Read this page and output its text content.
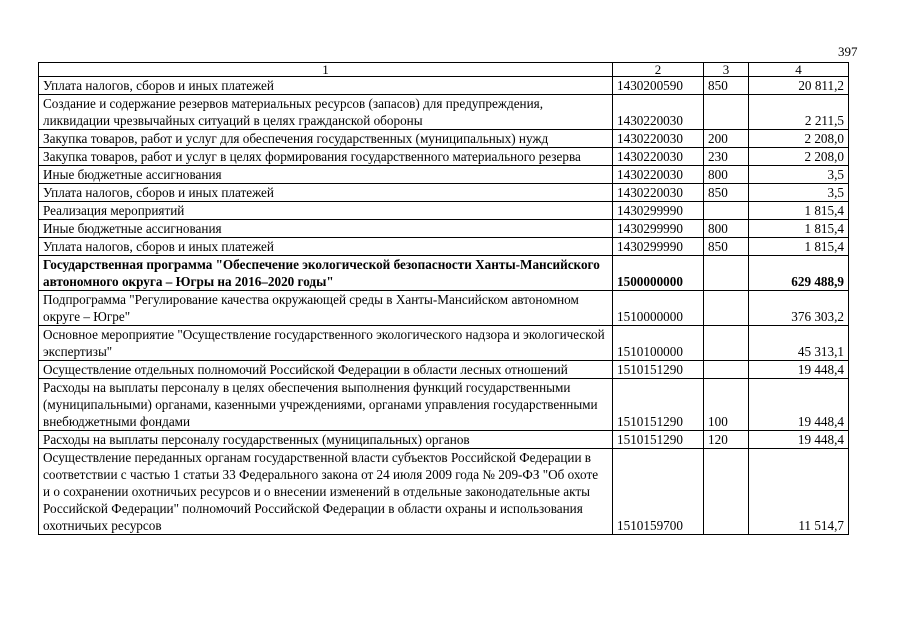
397
1	2	3	4
Уплата налогов, сборов и иных платежей	1430200590	850	20 811,2
Создание и содержание резервов материальных ресурсов (запасов) для предупреждения, ликвидации чрезвычайных ситуаций в целях гражданской обороны	1430220030		2 211,5
Закупка товаров, работ и услуг для обеспечения государственных (муниципальных) нужд	1430220030	200	2 208,0
Закупка товаров, работ и услуг в целях формирования государственного материального резерва	1430220030	230	2 208,0
Иные бюджетные ассигнования	1430220030	800	3,5
Уплата налогов, сборов и иных платежей	1430220030	850	3,5
Реализация мероприятий	1430299990		1 815,4
Иные бюджетные ассигнования	1430299990	800	1 815,4
Уплата налогов, сборов и иных платежей	1430299990	850	1 815,4
Государственная программа "Обеспечение экологической безопасности Ханты-Мансийского автономного округа – Югры на 2016–2020 годы"	1500000000		629 488,9
Подпрограмма "Регулирование качества окружающей среды в Ханты-Мансийском автономном округе – Югре"	1510000000		376 303,2
Основное мероприятие "Осуществление государственного экологического надзора и экологической экспертизы"	1510100000		45 313,1
Осуществление отдельных полномочий Российской Федерации в области лесных отношений	1510151290		19 448,4
Расходы на выплаты персоналу в целях обеспечения выполнения функций государственными (муниципальными) органами, казенными учреждениями, органами управления государственными внебюджетными фондами	1510151290	100	19 448,4
Расходы на выплаты персоналу государственных (муниципальных) органов	1510151290	120	19 448,4
Осуществление переданных органам государственной власти субъектов Российской Федерации в соответствии с частью 1 статьи 33 Федерального закона от 24 июля 2009 года № 209-ФЗ "Об охоте и о сохранении охотничьих ресурсов и о внесении изменений в отдельные законодательные акты Российской Федерации" полномочий Российской Федерации в области охраны и использования охотничьих ресурсов	1510159700		11 514,7
